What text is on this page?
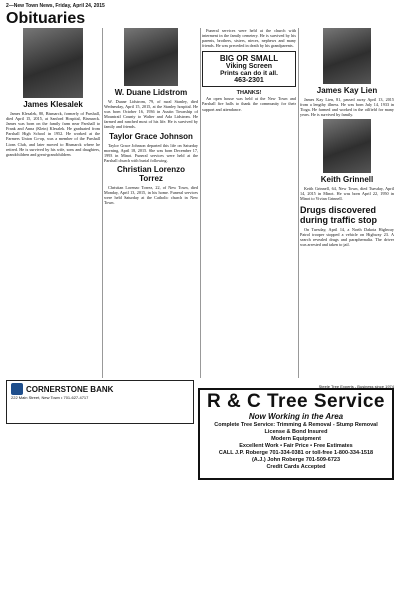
2—New Town News, Friday, April 24, 2015
Obituaries
James Klesalek

James Klesalek, 80, Bismarck, formerly of Parshall, died April 15, 2015, at Sanford Hospital, Bismarck. James was born on the family farm near Parshall to Frank and Anna (Klein) Klesalek. He graduated from Parshall High School in 1952. He worked at the Farmers Union Co-op, was a member of the Parshall Lions Club, and later moved to Bismarck where he retired. He is survived by his wife, sons and daughters, grandchildren and great-grandchildren.

W. Duane Lidstrom

W. Duane Lidstrom, 79, of rural Stanley, died Wednesday, April 15, 2015, at the Stanley hospital. He was born October 16, 1936 in Austin Township of Mountrail County to Walter and Ada Lidstrom. He farmed and ranched most of his life. He is survived by family and friends.

Taylor Grace Johnson

Taylor Grace Johnson departed this life on Saturday morning, April 18, 2015. She was born December 17, 1993 in Minot. Funeral services were held at the Parshall church with burial following.

Christian Lorenzo Torrez

Christian Lorenzo Torrez, 22, of New Town, died Monday, April 13, 2015, in his home. Funeral services were held Saturday at the Catholic church in New Town.

Funeral services were held at the church with interment in the family cemetery. He is survived by his parents, brothers, sisters, nieces, nephews and many friends. He was preceded in death by his grandparents.

BIG OR SMALL
Viking Screen
Prints can do it all.
463-2301
THANKS!

An open house was held at the New Town and Parshall fire halls to thank the community for their support and attendance.

James Kay Lien

James Kay Lien, 81, passed away April 13, 2015 from a lengthy illness. He was born July 14, 1933 in Tioga. He farmed and worked in the oilfield for many years. He is survived by family.

Keith Grinnell

Keith Grinnell, 64, New Town, died Tuesday, April 14, 2015 in Minot. He was born April 22, 1950 in Minot to Vivian Grinnell.

Drugs discovered during traffic stop

On Tuesday, April 14, a North Dakota Highway Patrol trooper stopped a vehicle on Highway 23. A search revealed drugs and paraphernalia. The driver was arrested and taken to jail.

CORNERSTONE BANK
222 Main Street, New Town • 701-627-4717
Steele Tree Experts - Business since 1974
R & C Tree Service
Now Working in the Area
Complete Tree Service: Trimming & Removal - Stump Removal
License & Bond Insured
Modern Equipment
Excellent Work • Fair Price • Free Estimates
CALL J.P. Roberge 701-334-0381 or toll-free 1-800-334-1518
(A.J.) John Roberge 701-509-6723
Credit Cards Accepted
